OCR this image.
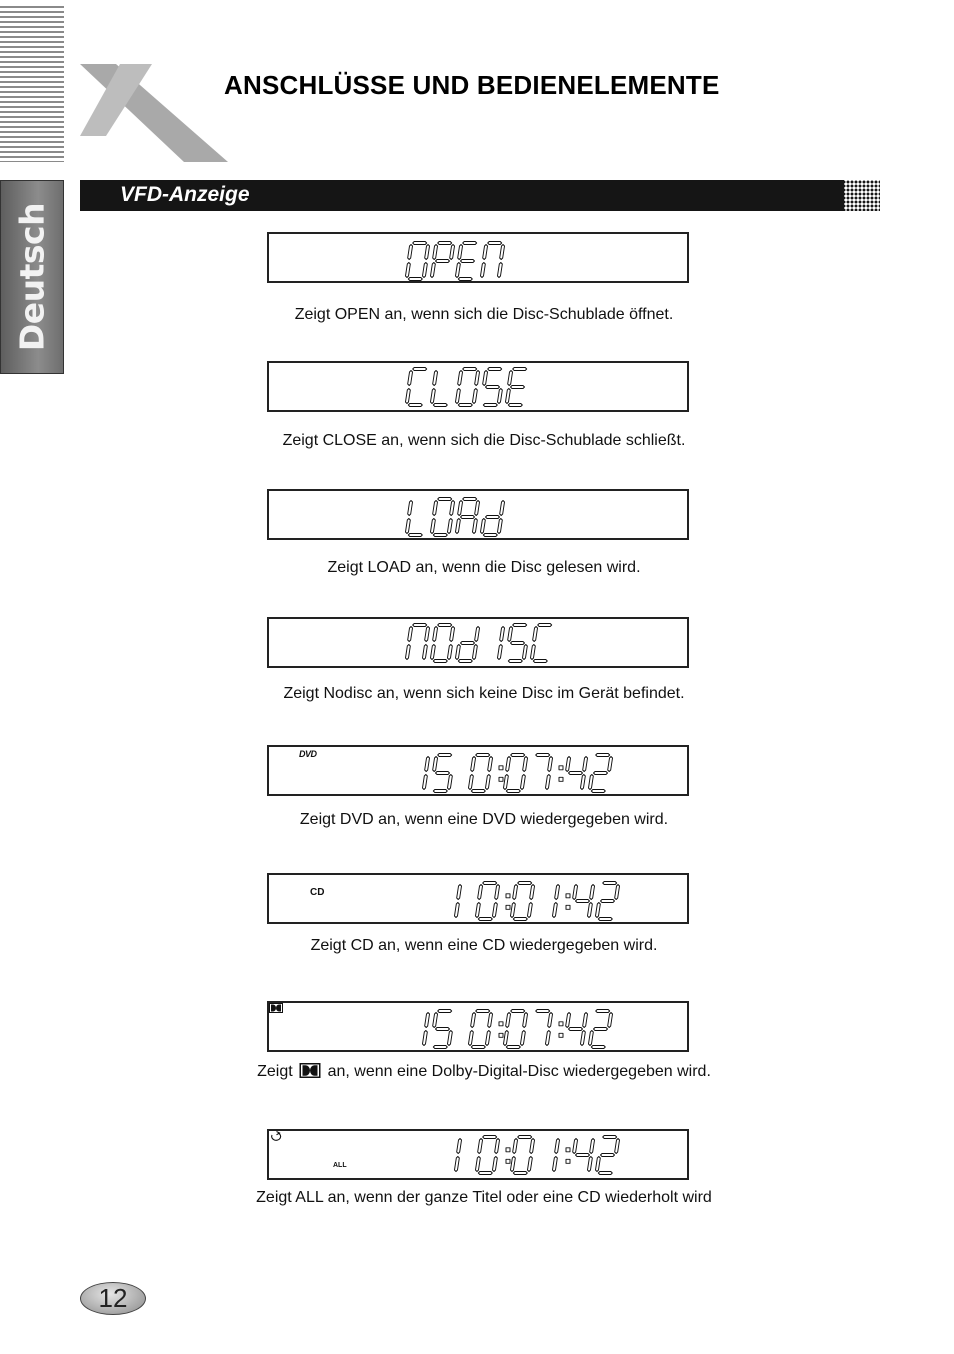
Deutsch
ANSCHLÜSSE UND BEDIENELEMENTE
VFD-Anzeige

Zeigt OPEN an, wenn sich die Disc-Schublade öffnet.

Zeigt CLOSE an, wenn sich die Disc-Schublade schließt.

Zeigt LOAD an, wenn die Disc gelesen wird.

Zeigt Nodisc an, wenn sich keine Disc im Gerät befindet.

DVD

Zeigt DVD an, wenn eine DVD wiedergegeben wird.

CD

Zeigt CD an, wenn eine CD wiedergegeben wird.

Zeigt an, wenn eine Dolby-Digital-Disc wiedergegeben wird.

ALL

Zeigt ALL an, wenn der ganze Titel oder eine CD wiederholt wird

12
